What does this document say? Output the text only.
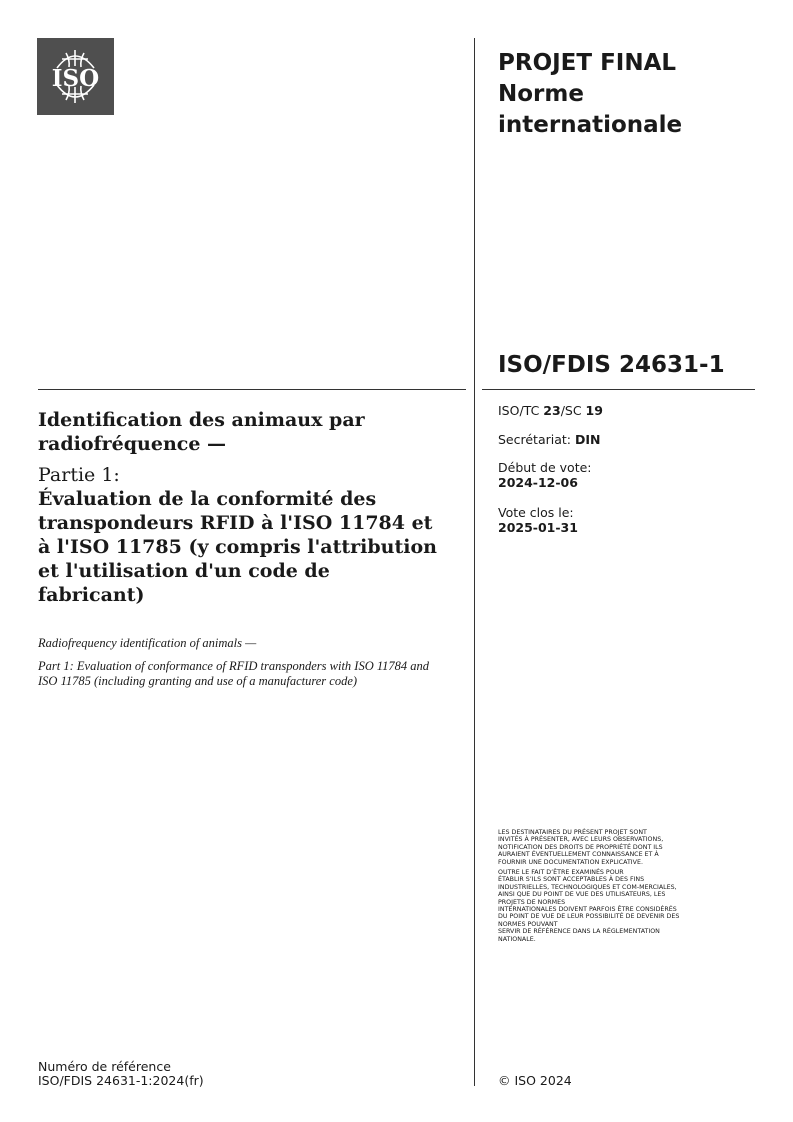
ISO
PROJET FINAL
Norme
internationale
ISO/FDIS 24631-1
ISO/TC 23/SC 19
Secrétariat: DIN
Début de vote:
2024-12-06
Vote clos le:
2025-01-31
Identification des animaux par radiofréquence —
Partie 1:
Évaluation de la conformité des transpondeurs RFID à l'ISO 11784 et à l'ISO 11785 (y compris l'attribution et l'utilisation d'un code de fabricant)

Radiofrequency identification of animals —

Part 1: Evaluation of conformance of RFID transponders with ISO 11784 and ISO 11785 (including granting and use of a manufacturer code)

LES DESTINATAIRES DU PRÉSENT PROJET SONT
INVITÉS À PRÉSENTER, AVEC LEURS OBSERVATIONS,
NOTIFICATION DES DROITS DE PROPRIÉTÉ DONT ILS
AURAIENT ÉVENTUELLEMENT CONNAISSANCE ET À
FOURNIR UNE DOCUMENTATION EXPLICATIVE.

OUTRE LE FAIT D’ÊTRE EXAMINÉS POUR
ÉTABLIR S’ILS SONT ACCEPTABLES À DES FINS
INDUSTRIELLES, TECHNOLOGIQUES ET COM-MERCIALES,
AINSI QUE DU POINT DE VUE DES UTILISATEURS, LES
PROJETS DE NORMES
INTERNATIONALES DOIVENT PARFOIS ÊTRE CONSIDÉRÉS
DU POINT DE VUE DE LEUR POSSIBILITÉ DE DEVENIR DES
NORMES POUVANT
SERVIR DE RÉFÉRENCE DANS LA RÉGLEMENTATION
NATIONALE.

Numéro de référence
ISO/FDIS 24631-1:2024(fr)	© ISO 2024
